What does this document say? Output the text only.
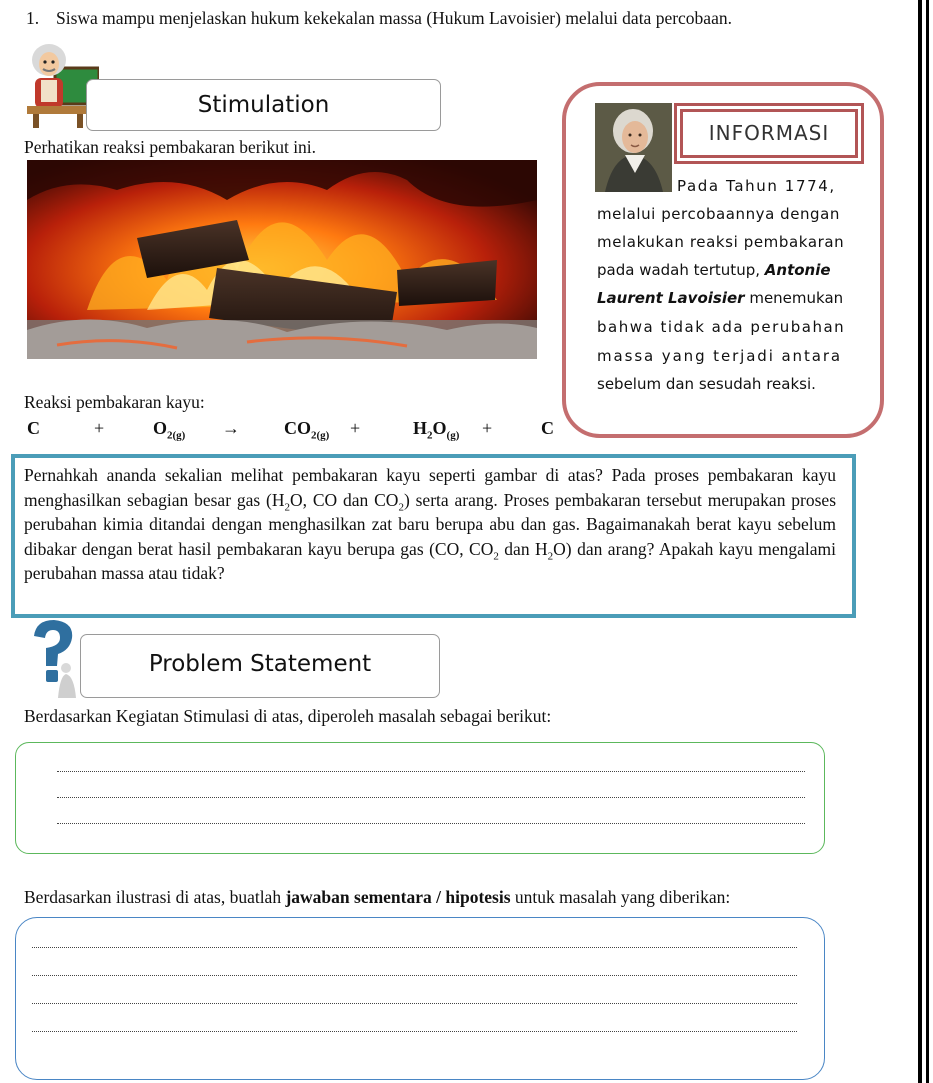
1. Siswa mampu menjelaskan hukum kekekalan massa (Hukum Lavoisier) melalui data percobaan.
Stimulation
Perhatikan reaksi pembakaran berikut ini.
INFORMASI
Pada Tahun 1774,
melalui percobaannya dengan
melakukan reaksi pembakaran
pada wadah tertutup, Antonie
Laurent Lavoisier menemukan
bahwa tidak ada perubahan
massa yang terjadi antara
sebelum dan sesudah reaksi.
Reaksi pembakaran kayu:
C	+	$O_{2(g)} \to CO_{2(g)}$ +	$H_2O_{(g)}$ +	C
Pernahkah ananda sekalian melihat pembakaran kayu seperti gambar di atas? Pada proses pembakaran kayu menghasilkan sebagian besar gas ($H_2O$, CO dan $CO_2$) serta arang. Proses pembakaran tersebut merupakan proses perubahan kimia ditandai dengan menghasilkan zat baru berupa abu dan gas. Bagaimanakah berat kayu sebelum dibakar dengan berat hasil pembakaran kayu berupa gas (CO, $CO_2$ dan $H_2O$) dan arang? Apakah kayu mengalami perubahan massa atau tidak?
Problem Statement
Berdasarkan Kegiatan Stimulasi di atas, diperoleh masalah sebagai berikut:
Berdasarkan ilustrasi di atas, buatlah jawaban sementara / hipotesis untuk masalah yang diberikan:
